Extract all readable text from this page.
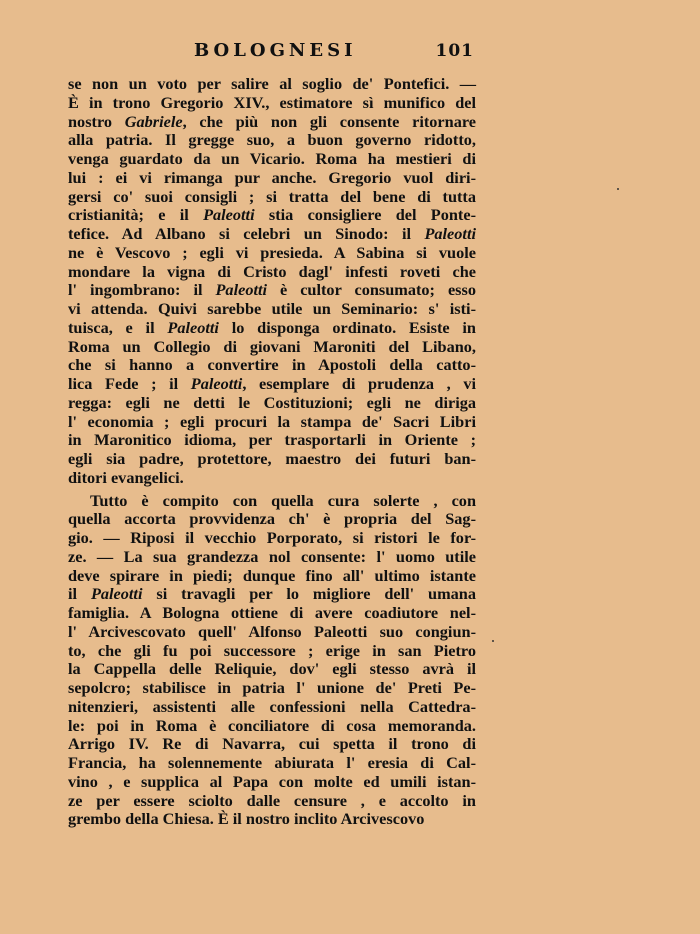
BOLOGNESI	101
se non un voto per salire al soglio de' Pontefici. —
È in trono Gregorio XIV., estimatore sì munifico del
nostro Gabriele, che più non gli consente ritornare
alla patria. Il gregge suo, a buon governo ridotto,
venga guardato da un Vicario. Roma ha mestieri di
lui : ei vi rimanga pur anche. Gregorio vuol diri-
gersi co' suoi consigli ; si tratta del bene di tutta
cristianità; e il Paleotti stia consigliere del Ponte-
tefice. Ad Albano si celebri un Sinodo: il Paleotti
ne è Vescovo ; egli vi presieda. A Sabina si vuole
mondare la vigna di Cristo dagl' infesti roveti che
l' ingombrano: il Paleotti è cultor consumato; esso
vi attenda. Quivi sarebbe utile un Seminario: s' isti-
tuisca, e il Paleotti lo disponga ordinato. Esiste in
Roma un Collegio di giovani Maroniti del Libano,
che si hanno a convertire in Apostoli della catto-
lica Fede ; il Paleotti, esemplare di prudenza , vi
regga: egli ne detti le Costituzioni; egli ne diriga
l' economia ; egli procuri la stampa de' Sacri Libri
in Maronitico idioma, per trasportarli in Oriente ;
egli sia padre, protettore, maestro dei futuri ban-
ditori evangelici.
Tutto è compito con quella cura solerte , con
quella accorta provvidenza ch' è propria del Sag-
gio. — Riposi il vecchio Porporato, si ristori le for-
ze. — La sua grandezza nol consente: l' uomo utile
deve spirare in piedi; dunque fino all' ultimo istante
il Paleotti si travagli per lo migliore dell' umana
famiglia. A Bologna ottiene di avere coadiutore nel-
l' Arcivescovato quell' Alfonso Paleotti suo congiun-
to, che gli fu poi successore ; erige in san Pietro
la Cappella delle Reliquie, dov' egli stesso avrà il
sepolcro; stabilisce in patria l' unione de' Preti Pe-
nitenzieri, assistenti alle confessioni nella Cattedra-
le: poi in Roma è conciliatore di cosa memoranda.
Arrigo IV. Re di Navarra, cui spetta il trono di
Francia, ha solennemente abiurata l' eresia di Cal-
vino , e supplica al Papa con molte ed umili istan-
ze per essere sciolto dalle censure , e accolto in
grembo della Chiesa. È il nostro inclito Arcivescovo
